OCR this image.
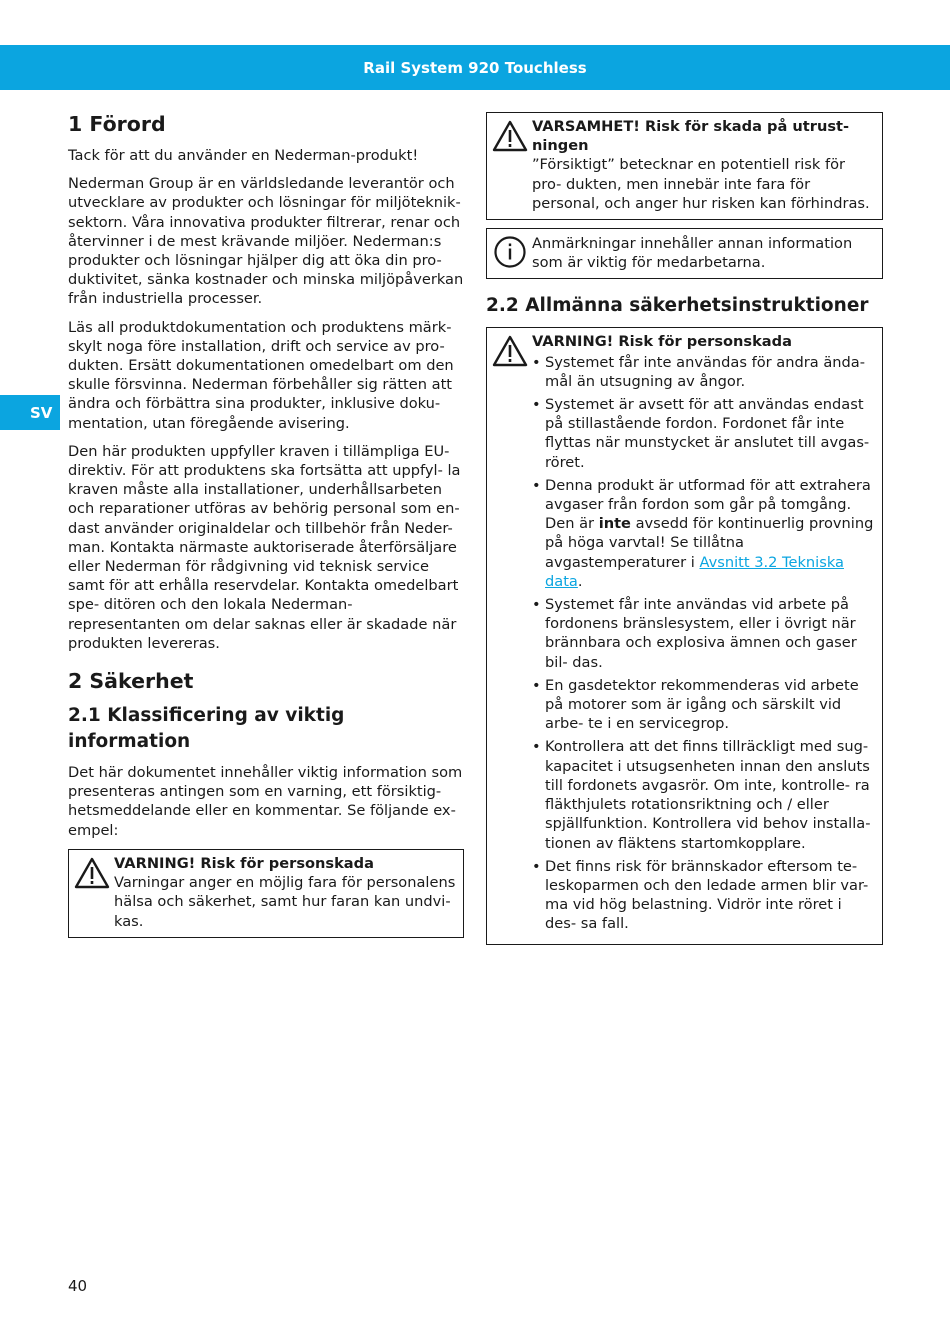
Rail System 920 Touchless
SV
1 Förord

Tack för att du använder en Nederman-produkt!

Nederman Group är en världsledande leverantör och utvecklare av produkter och lösningar för miljöteknik- sektorn. Våra innovativa produkter filtrerar, renar och återvinner i de mest krävande miljöer. Nederman:s produkter och lösningar hjälper dig att öka din pro- duktivitet, sänka kostnader och minska miljöpåverkan från industriella processer.

Läs all produktdokumentation och produktens märk- skylt noga före installation, drift och service av pro- dukten. Ersätt dokumentationen omedelbart om den skulle försvinna. Nederman förbehåller sig rätten att ändra och förbättra sina produkter, inklusive doku- mentation, utan föregående avisering.

Den här produkten uppfyller kraven i tillämpliga EU- direktiv. För att produktens ska fortsätta att uppfyl- la kraven måste alla installationer, underhållsarbeten och reparationer utföras av behörig personal som en- dast använder originaldelar och tillbehör från Neder- man. Kontakta närmaste auktoriserade återförsäljare eller Nederman för rådgivning vid teknisk service samt för att erhålla reservdelar. Kontakta omedelbart spe- ditören och den lokala Nederman-representanten om delar saknas eller är skadade när produkten levereras.

2 Säkerhet
2.1 Klassificering av viktig information

Det här dokumentet innehåller viktig information som presenteras antingen som en varning, ett försiktig- hetsmeddelande eller en kommentar. Se följande ex- empel:

VARNING! Risk för personskada
Varningar anger en möjlig fara för personalens hälsa och säkerhet, samt hur faran kan undvi- kas.
VARSAMHET! Risk för skada på utrust- ningen
”Försiktigt” betecknar en potentiell risk för pro- dukten, men innebär inte fara för personal, och anger hur risken kan förhindras.
Anmärkningar innehåller annan information som är viktig för medarbetarna.
2.2 Allmänna säkerhetsinstruktioner
VARNING! Risk för personskada
• Systemet får inte användas för andra ända- mål än utsugning av ångor.
• Systemet är avsett för att användas endast på stillastående fordon. Fordonet får inte flyttas när munstycket är anslutet till avgas- röret.
• Denna produkt är utformad för att extrahera avgaser från fordon som går på tomgång. Den är inte avsedd för kontinuerlig provning på höga varvtal! Se tillåtna avgastemperaturer i Avsnitt 3.2 Tekniska data.
• Systemet får inte användas vid arbete på fordonens bränslesystem, eller i övrigt när brännbara och explosiva ämnen och gaser bil- das.
• En gasdetektor rekommenderas vid arbete på motorer som är igång och särskilt vid arbe- te i en servicegrop.
• Kontrollera att det finns tillräckligt med sug- kapacitet i utsugsenheten innan den ansluts till fordonets avgasrör. Om inte, kontrolle- ra fläkthjulets rotationsriktning och / eller spjällfunktion. Kontrollera vid behov installa- tionen av fläktens startomkopplare.
• Det finns risk för brännskador eftersom te- leskoparmen och den ledade armen blir var- ma vid hög belastning. Vidrör inte röret i des- sa fall.
40
